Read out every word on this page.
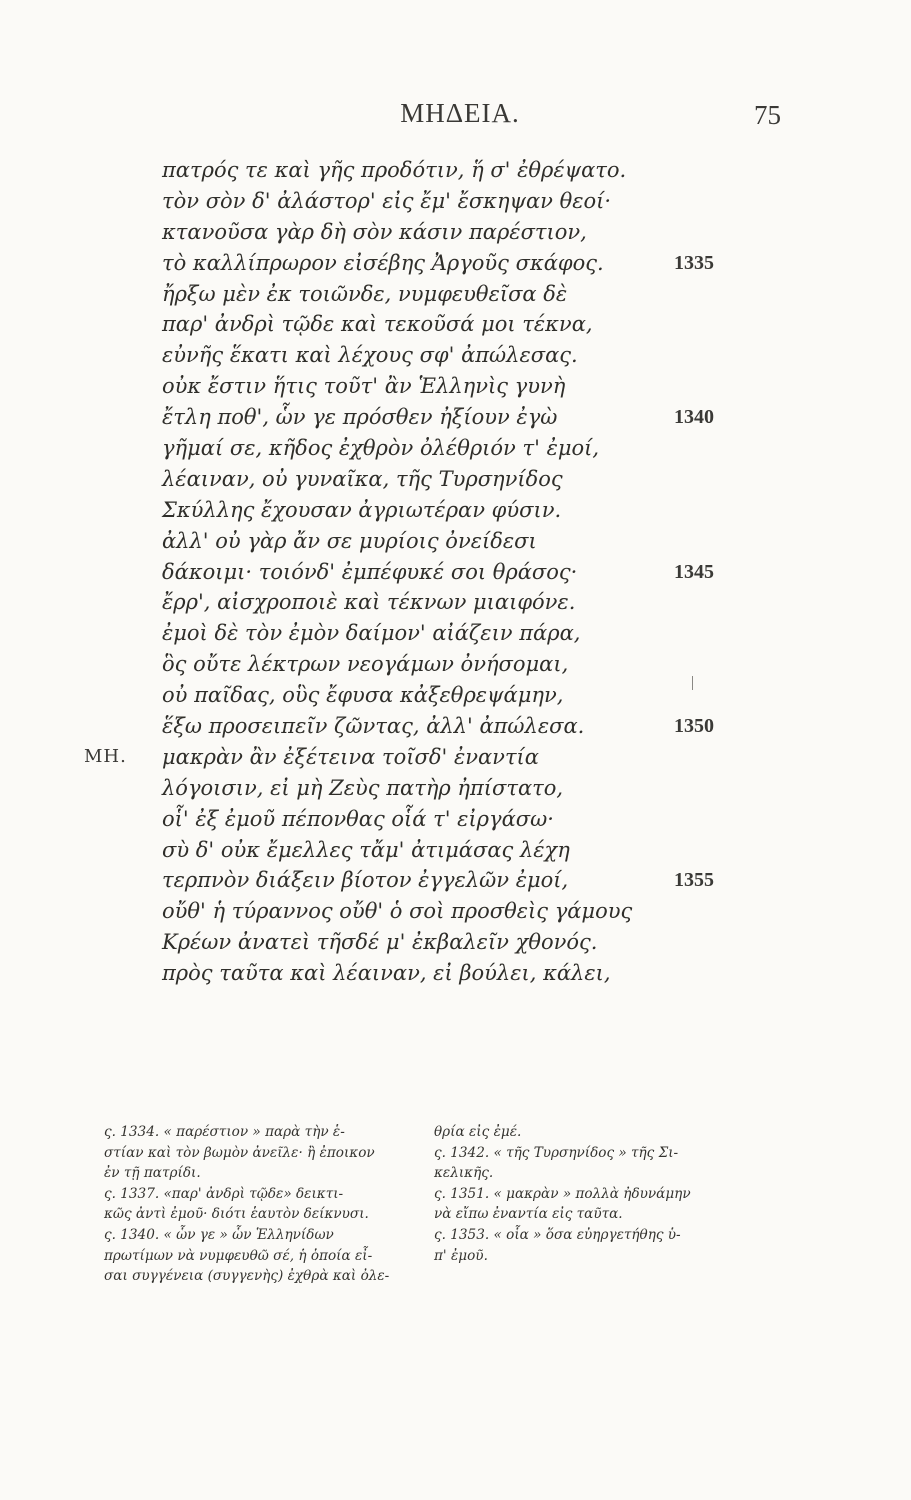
ΜΗΔΕΙΑ.	75
πατρός τε καὶ γῆς προδότιν, ἥ σ' ἐθρέψατο.
τὸν σὸν δ' ἀλάστορ' εἰς ἔμ' ἔσκηψαν θεοί·
κτανοῦσα γὰρ δὴ σὸν κάσιν παρέστιον,
τὸ καλλίπρωρον εἰσέβης Ἀργοῦς σκάφος.	1335
ἤρξω μὲν ἐκ τοιῶνδε, νυμφευθεῖσα δὲ
παρ' ἀνδρὶ τῷδε καὶ τεκοῦσά μοι τέκνα,
εὐνῆς ἕκατι καὶ λέχους σφ' ἀπώλεσας.
οὐκ ἔστιν ἥτις τοῦτ' ἂν Ἑλληνὶς γυνὴ
ἔτλη ποθ', ὧν γε πρόσθεν ἠξίουν ἐγὼ	1340
γῆμαί σε, κῆδος ἐχθρὸν ὀλέθριόν τ' ἐμοί,
λέαιναν, οὐ γυναῖκα, τῆς Τυρσηνίδος
Σκύλλης ἔχουσαν ἀγριωτέραν φύσιν.
ἀλλ' οὐ γὰρ ἄν σε μυρίοις ὀνείδεσι
δάκοιμι· τοιόνδ' ἐμπέφυκέ σοι θράσος·	1345
ἔρρ', αἰσχροποιὲ καὶ τέκνων μιαιφόνε.
ἐμοὶ δὲ τὸν ἐμὸν δαίμον' αἰάζειν πάρα,
ὃς οὔτε λέκτρων νεογάμων ὀνήσομαι,
οὐ παῖδας, οὓς ἔφυσα κἀξεθρεψάμην,
ἕξω προσειπεῖν ζῶντας, ἀλλ' ἀπώλεσα.	1350
ΜΗ. μακρὰν ἂν ἐξέτεινα τοῖσδ' ἐναντία
λόγοισιν, εἰ μὴ Ζεὺς πατὴρ ἠπίστατο,
οἷ' ἐξ ἐμοῦ πέπονθας οἷά τ' εἰργάσω·
σὺ δ' οὐκ ἔμελλες τἄμ' ἀτιμάσας λέχη
τερπνὸν διάξειν βίοτον ἐγγελῶν ἐμοί,	1355
οὔθ' ἡ τύραννος οὔθ' ὁ σοὶ προσθεὶς γάμους
Κρέων ἀνατεὶ τῆσδέ μ' ἐκβαλεῖν χθονός.
πρὸς ταῦτα καὶ λέαιναν, εἰ βούλει, κάλει,
ς. 1334. « παρέστιον » παρὰ τὴν ἑ-
στίαν καὶ τὸν βωμὸν ἀνεῖλε· ἢ ἐποικον
ἐν τῇ πατρίδι.
ς. 1337. «παρ' ἀνδρὶ τῷδε» δεικτι-
κῶς ἀντὶ ἐμοῦ· διότι ἑαυτὸν δείκνυσι.
ς. 1340. « ὧν γε » ὧν Ἑλληνίδων
πρωτίμων νὰ νυμφευθῶ σέ, ἡ ὁποία εἶ-
σαι συγγένεια (συγγενὴς) ἐχθρὰ καὶ ὀλε-
θρία εἰς ἐμέ.
ς. 1342. « τῆς Τυρσηνίδος » τῆς Σι-
κελικῆς.
ς. 1351. « μακρὰν » πολλὰ ἠδυνάμην
νὰ εἴπω ἐναντία εἰς ταῦτα.
ς. 1353. « οἷα » ὅσα εὐηργετήθης ὑ-
π' ἐμοῦ.
